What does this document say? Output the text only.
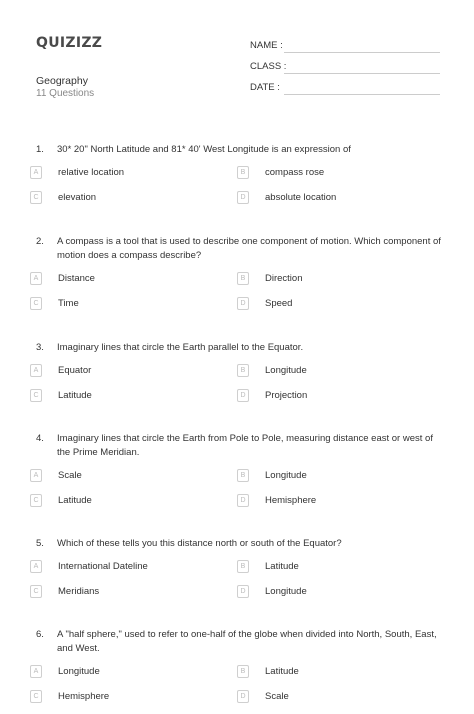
QUIZIZZ
Geography
11 Questions
NAME :
CLASS :
DATE :
1. 30* 20" North Latitude and 81* 40' West Longitude is an expression of
A	relative location	B	compass rose
C	elevation	D	absolute location
2. A compass is a tool that is used to describe one component of motion. Which component of motion does a compass describe?
A	Distance	B	Direction
C	Time	D	Speed
3. Imaginary lines that circle the Earth parallel to the Equator.
A	Equator	B	Longitude
C	Latitude	D	Projection
4. Imaginary lines that circle the Earth from Pole to Pole, measuring distance east or west of the Prime Meridian.
A	Scale	B	Longitude
C	Latitude	D	Hemisphere
5. Which of these tells you this distance north or south of the Equator?
A	International Dateline	B	Latitude
C	Meridians	D	Longitude
6. A "half sphere," used to refer to one-half of the globe when divided into North, South, East, and West.
A	Longitude	B	Latitude
C	Hemisphere	D	Scale
